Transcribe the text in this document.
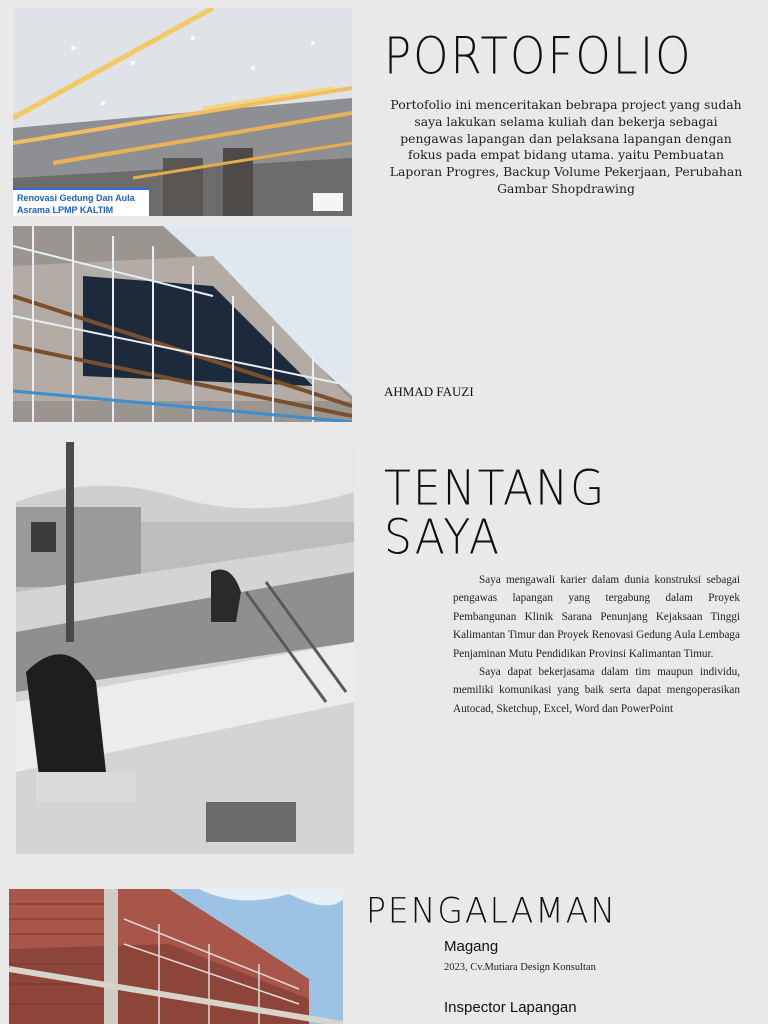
Renovasi Gedung Dan Aula Asrama LPMP KALTIM
PORTOFOLIO

Portofolio ini menceritakan bebrapa project yang sudah saya lakukan selama kuliah dan bekerja sebagai pengawas lapangan dan pelaksana lapangan dengan fokus pada empat bidang utama. yaitu Pembuatan Laporan Progres, Backup Volume Pekerjaan, Perubahan Gambar Shopdrawing

AHMAD FAUZI
TENTANG
SAYA

Saya mengawali karier dalam dunia konstruksi sebagai pengawas lapangan yang tergabung dalam Proyek Pembangunan Klinik Sarana Penunjang Kejaksaan Tinggi Kalimantan Timur dan Proyek Renovasi Gedung Aula Lembaga Penjaminan Mutu Pendidikan Provinsi Kalimantan Timur.

Saya dapat bekerjasama dalam tim maupun individu, memiliki komunikasi yang baik serta dapat mengoperasikan Autocad, Sketchup, Excel, Word dan PowerPoint

PENGALAMAN
Magang
2023, Cv.Mutiara Design Konsultan
Inspector Lapangan
